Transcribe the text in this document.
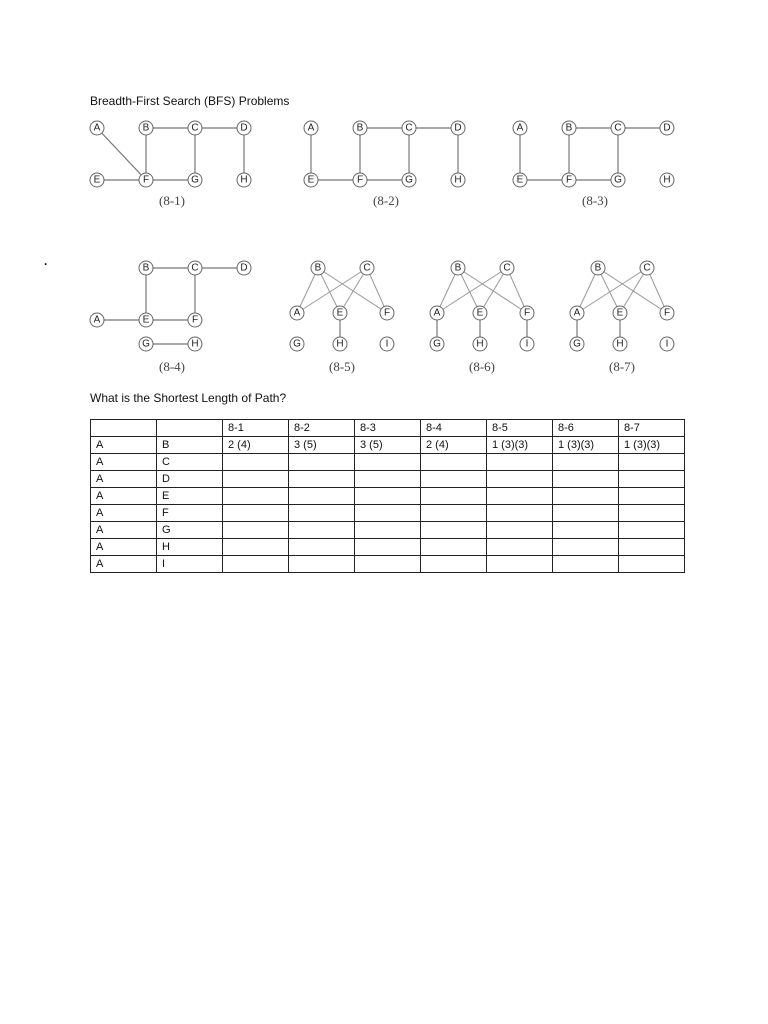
Breadth-First Search (BFS) Problems
.
A	B	C	D
E	F	G	H
(8-1)
A	B	C	D
E	F	G	H
(8-2)
A	B	C	D
E	F	G	H
(8-3)
A
B	C	D
E	F
G	H
(8-4)
B	C
A	E	F
G	H	I
(8-5)
B	C
A	E	F
G	H	I
(8-6)
B	C
A	E	F
G	H	I
(8-7)
What is the Shortest Length of Path?
		8-1	8-2	8-3	8-4	8-5	8-6	8-7
A	B	2 (4)	3 (5)	3 (5)	2 (4)	1 (3)(3)	1 (3)(3)	1 (3)(3)
A	C							
A	D							
A	E							
A	F							
A	G							
A	H							
A	I							
